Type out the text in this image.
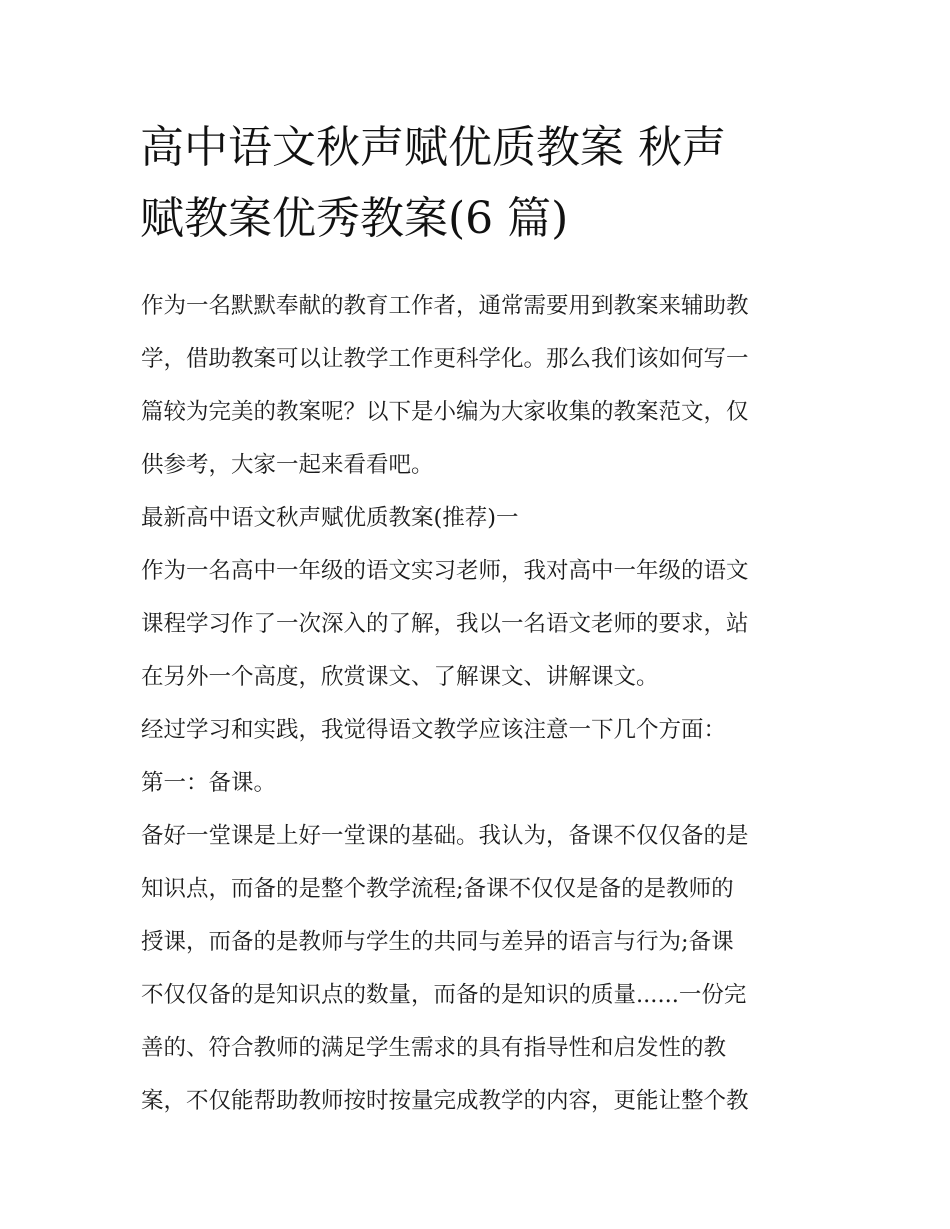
高中语文秋声赋优质教案 秋声
赋教案优秀教案(6 篇)

作为一名默默奉献的教育工作者，通常需要用到教案来辅助教
学，借助教案可以让教学工作更科学化。那么我们该如何写一
篇较为完美的教案呢？以下是小编为大家收集的教案范文，仅
供参考，大家一起来看看吧。

最新高中语文秋声赋优质教案(推荐)一

作为一名高中一年级的语文实习老师，我对高中一年级的语文
课程学习作了一次深入的了解，我以一名语文老师的要求，站
在另外一个高度，欣赏课文、了解课文、讲解课文。

经过学习和实践，我觉得语文教学应该注意一下几个方面：

第一：备课。

备好一堂课是上好一堂课的基础。我认为，备课不仅仅备的是
知识点，而备的是整个教学流程;备课不仅仅是备的是教师的
授课，而备的是教师与学生的共同与差异的语言与行为;备课
不仅仅备的是知识点的数量，而备的是知识的质量......一份完
善的、符合教师的满足学生需求的具有指导性和启发性的教
案，不仅能帮助教师按时按量完成教学的内容，更能让整个教
